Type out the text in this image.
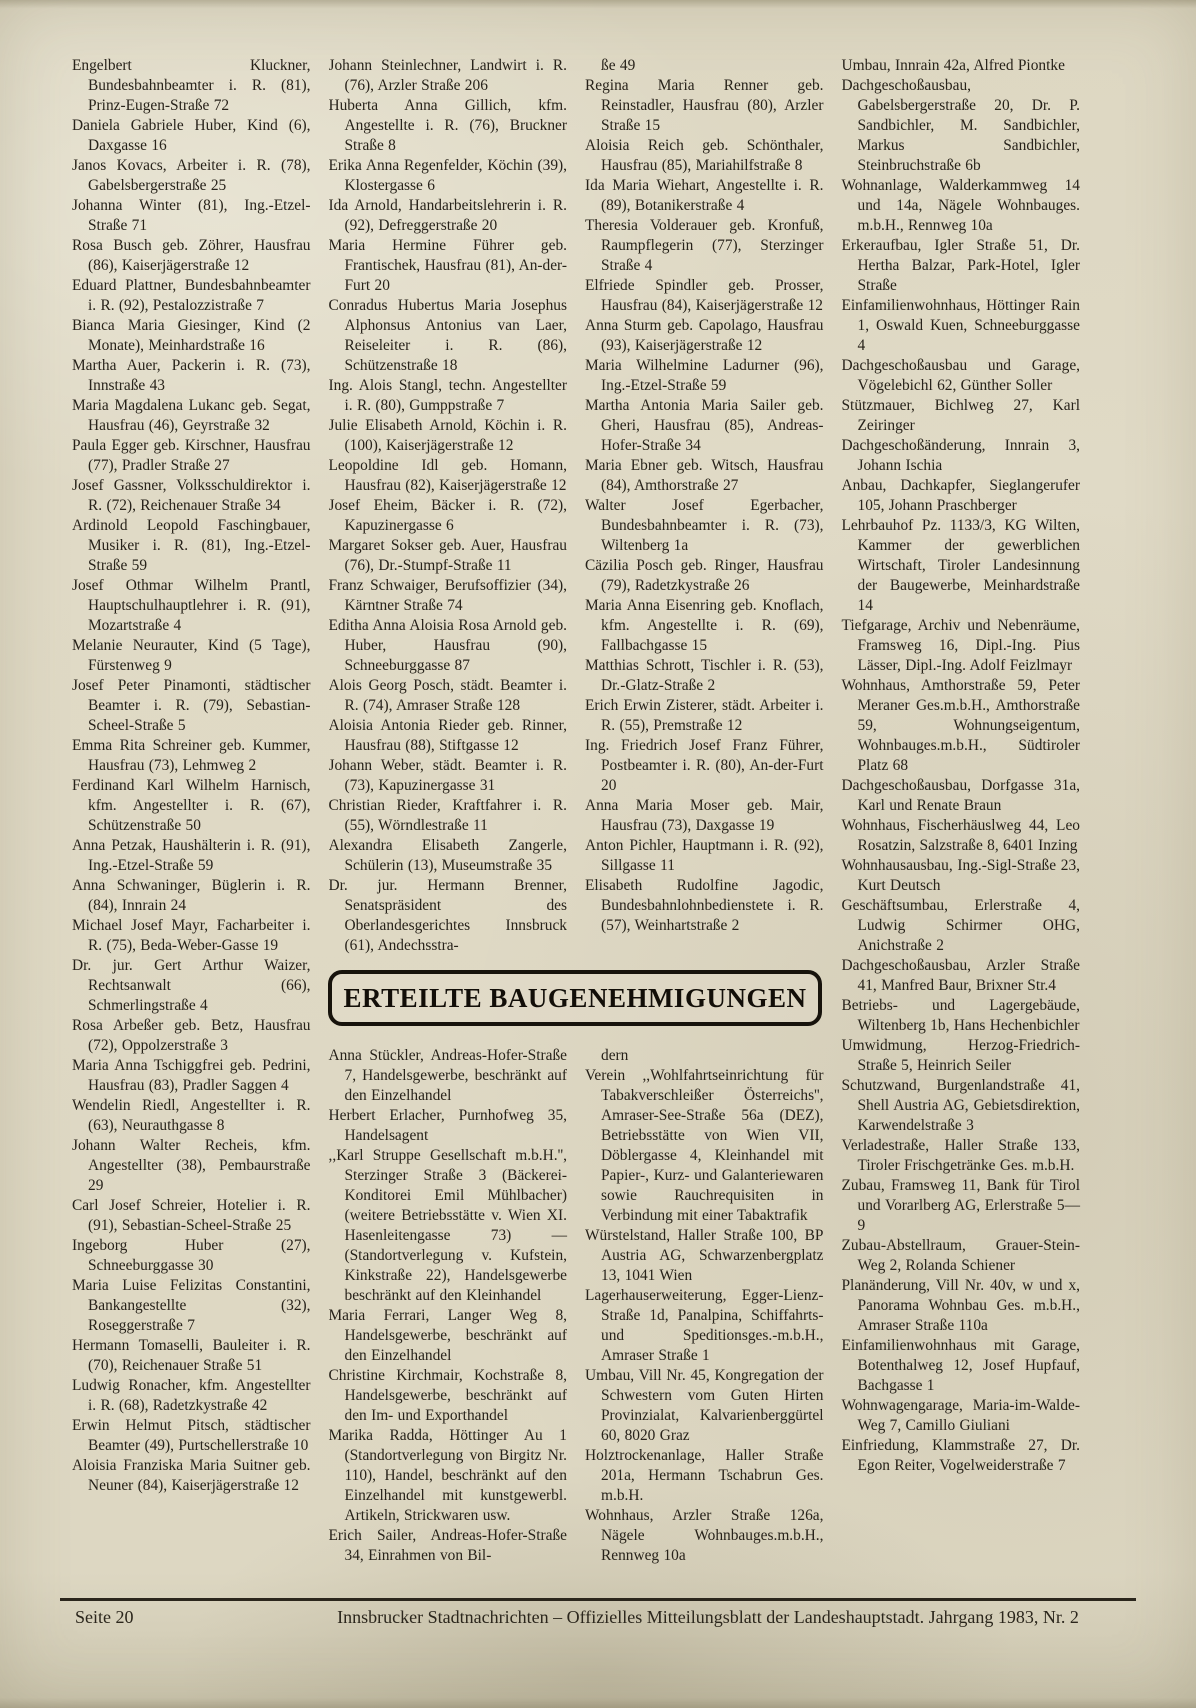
Engelbert Kluckner, Bundesbahnbeamter i. R. (81), Prinz-Eugen-Straße 72

Daniela Gabriele Huber, Kind (6), Daxgasse 16

Janos Kovacs, Arbeiter i. R. (78), Gabelsbergerstraße 25

Johanna Winter (81), Ing.-Etzel-Straße 71

Rosa Busch geb. Zöhrer, Hausfrau (86), Kaiserjägerstraße 12

Eduard Plattner, Bundesbahnbeamter i. R. (92), Pestalozzistraße 7

Bianca Maria Giesinger, Kind (2 Monate), Meinhardstraße 16

Martha Auer, Packerin i. R. (73), Innstraße 43

Maria Magdalena Lukanc geb. Segat, Hausfrau (46), Geyrstraße 32

Paula Egger geb. Kirschner, Hausfrau (77), Pradler Straße 27

Josef Gassner, Volksschuldirektor i. R. (72), Reichenauer Straße 34

Ardinold Leopold Faschingbauer, Musiker i. R. (81), Ing.-Etzel-Straße 59

Josef Othmar Wilhelm Prantl, Hauptschulhauptlehrer i. R. (91), Mozartstraße 4

Melanie Neurauter, Kind (5 Tage), Fürstenweg 9

Josef Peter Pinamonti, städtischer Beamter i. R. (79), Sebastian-Scheel-Straße 5

Emma Rita Schreiner geb. Kummer, Hausfrau (73), Lehmweg 2

Ferdinand Karl Wilhelm Harnisch, kfm. Angestellter i. R. (67), Schützenstraße 50

Anna Petzak, Haushälterin i. R. (91), Ing.-Etzel-Straße 59

Anna Schwaninger, Büglerin i. R. (84), Innrain 24

Michael Josef Mayr, Facharbeiter i. R. (75), Beda-Weber-Gasse 19

Dr. jur. Gert Arthur Waizer, Rechtsanwalt (66), Schmerlingstraße 4

Rosa Arbeßer geb. Betz, Hausfrau (72), Oppolzerstraße 3

Maria Anna Tschiggfrei geb. Pedrini, Hausfrau (83), Pradler Saggen 4

Wendelin Riedl, Angestellter i. R. (63), Neurauthgasse 8

Johann Walter Recheis, kfm. Angestellter (38), Pembaurstraße 29

Carl Josef Schreier, Hotelier i. R. (91), Sebastian-Scheel-Straße 25

Ingeborg Huber (27), Schneeburggasse 30

Maria Luise Felizitas Constantini, Bankangestellte (32), Roseggerstraße 7

Hermann Tomaselli, Bauleiter i. R. (70), Reichenauer Straße 51

Ludwig Ronacher, kfm. Angestellter i. R. (68), Radetzkystraße 42

Erwin Helmut Pitsch, städtischer Beamter (49), Purtschellerstraße 10

Aloisia Franziska Maria Suitner geb. Neuner (84), Kaiserjägerstraße 12

Johann Steinlechner, Landwirt i. R. (76), Arzler Straße 206

Huberta Anna Gillich, kfm. Angestellte i. R. (76), Bruckner Straße 8

Erika Anna Regenfelder, Köchin (39), Klostergasse 6

Ida Arnold, Handarbeitslehrerin i. R. (92), Defreggerstraße 20

Maria Hermine Führer geb. Frantischek, Hausfrau (81), An-der-Furt 20

Conradus Hubertus Maria Josephus Alphonsus Antonius van Laer, Reiseleiter i. R. (86), Schützenstraße 18

Ing. Alois Stangl, techn. Angestellter i. R. (80), Gumppstraße 7

Julie Elisabeth Arnold, Köchin i. R. (100), Kaiserjägerstraße 12

Leopoldine Idl geb. Homann, Hausfrau (82), Kaiserjägerstraße 12

Josef Eheim, Bäcker i. R. (72), Kapuzinergasse 6

Margaret Sokser geb. Auer, Hausfrau (76), Dr.-Stumpf-Straße 11

Franz Schwaiger, Berufsoffizier (34), Kärntner Straße 74

Editha Anna Aloisia Rosa Arnold geb. Huber, Hausfrau (90), Schneeburggasse 87

Alois Georg Posch, städt. Beamter i. R. (74), Amraser Straße 128

Aloisia Antonia Rieder geb. Rinner, Hausfrau (88), Stiftgasse 12

Johann Weber, städt. Beamter i. R. (73), Kapuzinergasse 31

Christian Rieder, Kraftfahrer i. R. (55), Wörndlestraße 11

Alexandra Elisabeth Zangerle, Schülerin (13), Museumstraße 35

Dr. jur. Hermann Brenner, Senatspräsident des Oberlandesgerichtes Innsbruck (61), Andechsstra-

Anna Stückler, Andreas-Hofer-Straße 7, Handelsgewerbe, beschränkt auf den Einzelhandel

Herbert Erlacher, Purnhofweg 35, Handelsagent

,,Karl Struppe Gesellschaft m.b.H.'', Sterzinger Straße 3 (Bäckerei-Konditorei Emil Mühlbacher) (weitere Betriebsstätte v. Wien XI. Hasenleitengasse 73) — (Standortverlegung v. Kufstein, Kinkstraße 22), Handelsgewerbe beschränkt auf den Kleinhandel

Maria Ferrari, Langer Weg 8, Handelsgewerbe, beschränkt auf den Einzelhandel

Christine Kirchmair, Kochstraße 8, Handelsgewerbe, beschränkt auf den Im- und Exporthandel

Marika Radda, Höttinger Au 1 (Standortverlegung von Birgitz Nr. 110), Handel, beschränkt auf den Einzelhandel mit kunstgewerbl. Artikeln, Strickwaren usw.

Erich Sailer, Andreas-Hofer-Straße 34, Einrahmen von Bil-

ße 49

Regina Maria Renner geb. Reinstadler, Hausfrau (80), Arzler Straße 15

Aloisia Reich geb. Schönthaler, Hausfrau (85), Mariahilfstraße 8

Ida Maria Wiehart, Angestellte i. R. (89), Botanikerstraße 4

Theresia Volderauer geb. Kronfuß, Raumpflegerin (77), Sterzinger Straße 4

Elfriede Spindler geb. Prosser, Hausfrau (84), Kaiserjägerstraße 12

Anna Sturm geb. Capolago, Hausfrau (93), Kaiserjägerstraße 12

Maria Wilhelmine Ladurner (96), Ing.-Etzel-Straße 59

Martha Antonia Maria Sailer geb. Gheri, Hausfrau (85), Andreas-Hofer-Straße 34

Maria Ebner geb. Witsch, Hausfrau (84), Amthorstraße 27

Walter Josef Egerbacher, Bundesbahnbeamter i. R. (73), Wiltenberg 1a

Cäzilia Posch geb. Ringer, Hausfrau (79), Radetzkystraße 26

Maria Anna Eisenring geb. Knoflach, kfm. Angestellte i. R. (69), Fallbachgasse 15

Matthias Schrott, Tischler i. R. (53), Dr.-Glatz-Straße 2

Erich Erwin Zisterer, städt. Arbeiter i. R. (55), Premstraße 12

Ing. Friedrich Josef Franz Führer, Postbeamter i. R. (80), An-der-Furt 20

Anna Maria Moser geb. Mair, Hausfrau (73), Daxgasse 19

Anton Pichler, Hauptmann i. R. (92), Sillgasse 11

Elisabeth Rudolfine Jagodic, Bundesbahnlohnbedienstete i. R. (57), Weinhartstraße 2

dern

Verein ,,Wohlfahrtseinrichtung für Tabakverschleißer Österreichs'', Amraser-See-Straße 56a (DEZ), Betriebsstätte von Wien VII, Döblergasse 4, Kleinhandel mit Papier-, Kurz- und Galanteriewaren sowie Rauchrequisiten in Verbindung mit einer Tabaktrafik

Würstelstand, Haller Straße 100, BP Austria AG, Schwarzenbergplatz 13, 1041 Wien

Lagerhauserweiterung, Egger-Lienz-Straße 1d, Panalpina, Schiffahrts- und Speditionsges.-m.b.H., Amraser Straße 1

Umbau, Vill Nr. 45, Kongregation der Schwestern vom Guten Hirten Provinzialat, Kalvarienberggürtel 60, 8020 Graz

Holztrockenanlage, Haller Straße 201a, Hermann Tschabrun Ges. m.b.H.

Wohnhaus, Arzler Straße 126a, Nägele Wohnbauges.m.b.H., Rennweg 10a

Umbau, Innrain 42a, Alfred Piontke

Dachgeschoßausbau, Gabelsbergerstraße 20, Dr. P. Sandbichler, M. Sandbichler, Markus Sandbichler, Steinbruchstraße 6b

Wohnanlage, Walderkammweg 14 und 14a, Nägele Wohnbauges. m.b.H., Rennweg 10a

Erkeraufbau, Igler Straße 51, Dr. Hertha Balzar, Park-Hotel, Igler Straße

Einfamilienwohnhaus, Höttinger Rain 1, Oswald Kuen, Schneeburggasse 4

Dachgeschoßausbau und Garage, Vögelebichl 62, Günther Soller

Stützmauer, Bichlweg 27, Karl Zeiringer

Dachgeschoßänderung, Innrain 3, Johann Ischia

Anbau, Dachkapfer, Sieglangerufer 105, Johann Praschberger

Lehrbauhof Pz. 1133/3, KG Wilten, Kammer der gewerblichen Wirtschaft, Tiroler Landesinnung der Baugewerbe, Meinhardstraße 14

Tiefgarage, Archiv und Nebenräume, Framsweg 16, Dipl.-Ing. Pius Lässer, Dipl.-Ing. Adolf Feizlmayr

Wohnhaus, Amthorstraße 59, Peter Meraner Ges.m.b.H., Amthorstraße 59, Wohnungseigentum, Wohnbauges.m.b.H., Südtiroler Platz 68

Dachgeschoßausbau, Dorfgasse 31a, Karl und Renate Braun

Wohnhaus, Fischerhäuslweg 44, Leo Rosatzin, Salzstraße 8, 6401 Inzing

Wohnhausausbau, Ing.-Sigl-Straße 23, Kurt Deutsch

Geschäftsumbau, Erlerstraße 4, Ludwig Schirmer OHG, Anichstraße 2

Dachgeschoßausbau, Arzler Straße 41, Manfred Baur, Brixner Str.4

Betriebs- und Lagergebäude, Wiltenberg 1b, Hans Hechenbichler

Umwidmung, Herzog-Friedrich-Straße 5, Heinrich Seiler

Schutzwand, Burgenlandstraße 41, Shell Austria AG, Gebietsdirektion, Karwendelstraße 3

Verladestraße, Haller Straße 133, Tiroler Frischgetränke Ges. m.b.H.

Zubau, Framsweg 11, Bank für Tirol und Vorarlberg AG, Erlerstraße 5—9

Zubau-Abstellraum, Grauer-Stein-Weg 2, Rolanda Schiener

Planänderung, Vill Nr. 40v, w und x, Panorama Wohnbau Ges. m.b.H., Amraser Straße 110a

Einfamilienwohnhaus mit Garage, Botenthalweg 12, Josef Hupfauf, Bachgasse 1

Wohnwagengarage, Maria-im-Walde-Weg 7, Camillo Giuliani

Einfriedung, Klammstraße 27, Dr. Egon Reiter, Vogelweiderstraße 7

ERTEILTE BAUGENEHMIGUNGEN
Seite 20	Innsbrucker Stadtnachrichten – Offizielles Mitteilungsblatt der Landeshauptstadt. Jahrgang 1983, Nr. 2
